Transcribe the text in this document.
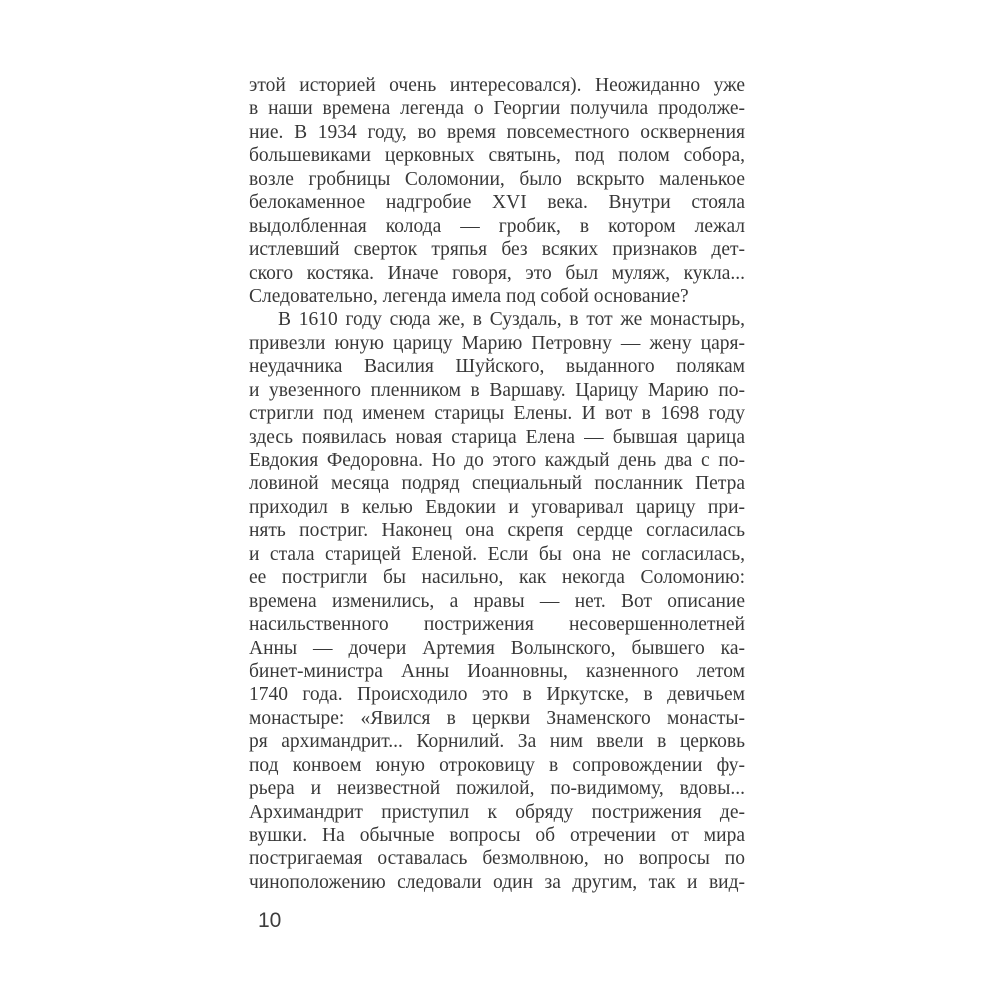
этой историей очень интересовался). Неожиданно уже
в наши времена легенда о Георгии получила продолже-
ние. В 1934 году, во время повсеместного осквернения
большевиками церковных святынь, под полом собора,
возле гробницы Соломонии, было вскрыто маленькое
белокаменное надгробие XVI века. Внутри стояла
выдолбленная колода — гробик, в котором лежал
истлевший сверток тряпья без всяких признаков дет-
ского костяка. Иначе говоря, это был муляж, кукла...
Следовательно, легенда имела под собой основание?
В 1610 году сюда же, в Суздаль, в тот же монастырь,
привезли юную царицу Марию Петровну — жену царя-
неудачника Василия Шуйского, выданного полякам
и увезенного пленником в Варшаву. Царицу Марию по-
стригли под именем старицы Елены. И вот в 1698 году
здесь появилась новая старица Елена — бывшая царица
Евдокия Федоровна. Но до этого каждый день два с по-
ловиной месяца подряд специальный посланник Петра
приходил в келью Евдокии и уговаривал царицу при-
нять постриг. Наконец она скрепя сердце согласилась
и стала старицей Еленой. Если бы она не согласилась,
ее постригли бы насильно, как некогда Соломонию:
времена изменились, а нравы — нет. Вот описание
насильственного пострижения несовершеннолетней
Анны — дочери Артемия Волынского, бывшего ка-
бинет-министра Анны Иоанновны, казненного летом
1740 года. Происходило это в Иркутске, в девичьем
монастыре: «Явился в церкви Знаменского монасты-
ря архимандрит... Корнилий. За ним ввели в церковь
под конвоем юную отроковицу в сопровождении фу-
рьера и неизвестной пожилой, по-видимому, вдовы...
Архимандрит приступил к обряду пострижения де-
вушки. На обычные вопросы об отречении от мира
постригаемая оставалась безмолвною, но вопросы по
чиноположению следовали один за другим, так и вид-
10
